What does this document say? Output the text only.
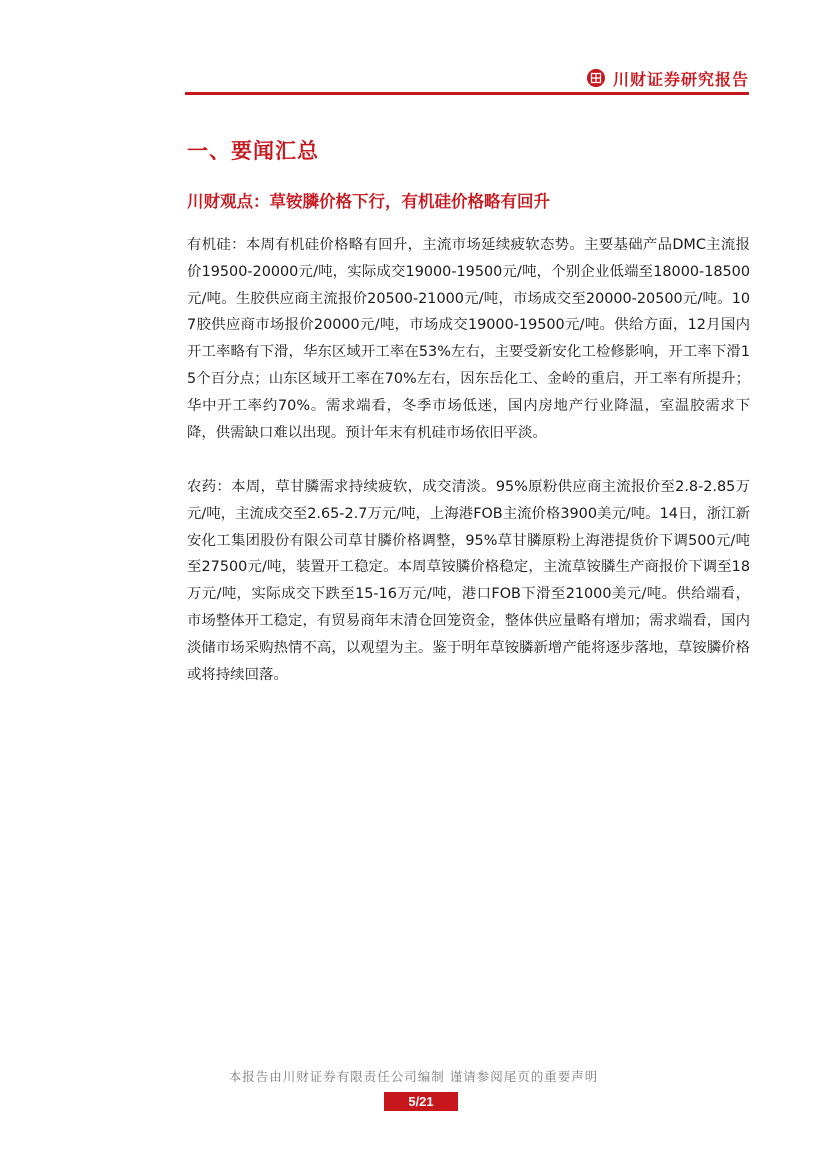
川财证券研究报告
一、要闻汇总
川财观点：草铵膦价格下行，有机硅价格略有回升

有机硅：本周有机硅价格略有回升，主流市场延续疲软态势。主要基础产品DMC主流报价19500-20000元/吨，实际成交19000-19500元/吨，个别企业低端至18000-18500元/吨。生胶供应商主流报价20500-21000元/吨，市场成交至20000-20500元/吨。107胶供应商市场报价20000元/吨，市场成交19000-19500元/吨。供给方面，12月国内开工率略有下滑，华东区域开工率在53%左右，主要受新安化工检修影响，开工率下滑15个百分点；山东区域开工率在70%左右，因东岳化工、金岭的重启，开工率有所提升；华中开工率约70%。需求端看，冬季市场低迷，国内房地产行业降温，室温胶需求下降，供需缺口难以出现。预计年末有机硅市场依旧平淡。

农药：本周，草甘膦需求持续疲软，成交清淡。95%原粉供应商主流报价至2.8-2.85万元/吨，主流成交至2.65-2.7万元/吨，上海港FOB主流价格3900美元/吨。14日，浙江新安化工集团股份有限公司草甘膦价格调整，95%草甘膦原粉上海港提货价下调500元/吨至27500元/吨，装置开工稳定。本周草铵膦价格稳定，主流草铵膦生产商报价下调至18万元/吨，实际成交下跌至15-16万元/吨，港口FOB下滑至21000美元/吨。供给端看，市场整体开工稳定，有贸易商年末清仓回笼资金，整体供应量略有增加；需求端看，国内淡储市场采购热情不高，以观望为主。鉴于明年草铵膦新增产能将逐步落地，草铵膦价格或将持续回落。

本报告由川财证券有限责任公司编制 谨请参阅尾页的重要声明
5/21
